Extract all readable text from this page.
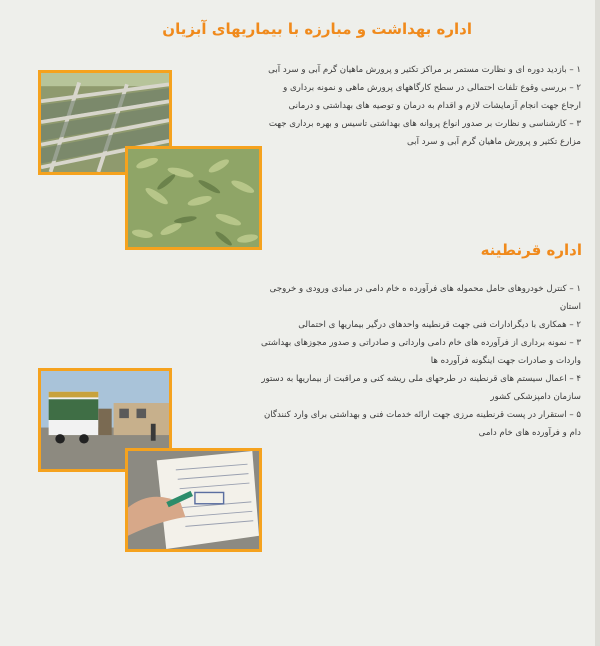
اداره بهداشت و مبارزه با بیماریهای آبزیان

۱ – بازدید دوره ای و نظارت مستمر بر مراکز تکثیر و پرورش ماهیان گرم آبی و سرد آبی

۲ – بررسی وقوع تلفات احتمالی در سطح کارگاههای پرورش ماهی و نمونه برداری و ارجاع جهت انجام آزمایشات لازم و اقدام به درمان و توصیه های بهداشتی و درمانی

۳ – کارشناسی و نظارت بر صدور انواع پروانه های بهداشتی تاسیس و بهره برداری جهت مزارع تکثیر و پرورش ماهیان گرم آبی و سرد آبی

اداره قرنطینه

۱ – کنترل خودروهای حامل محموله های فرآورده ه خام دامی در مبادی ورودی و خروجی استان

۲ – همکاری با دیگرادارات فنی جهت قرنطینه واحدهای درگیر بیماریها ی احتمالی

۳ – نمونه برداری از فرآورده های خام دامی وارداتی و صادراتی و صدور مجوزهای بهداشتی واردات و صادرات جهت اینگونه فرآورده ها

۴ – اعمال سیستم های قرنطینه در طرحهای ملی ریشه کنی و مراقبت از بیماریها به دستور سازمان دامپزشکی کشور

۵ – استقرار در پست قرنطینه مرزی جهت ارائه خدمات فنی و بهداشتی برای وارد کنندگان دام و فرآورده های خام دامی
